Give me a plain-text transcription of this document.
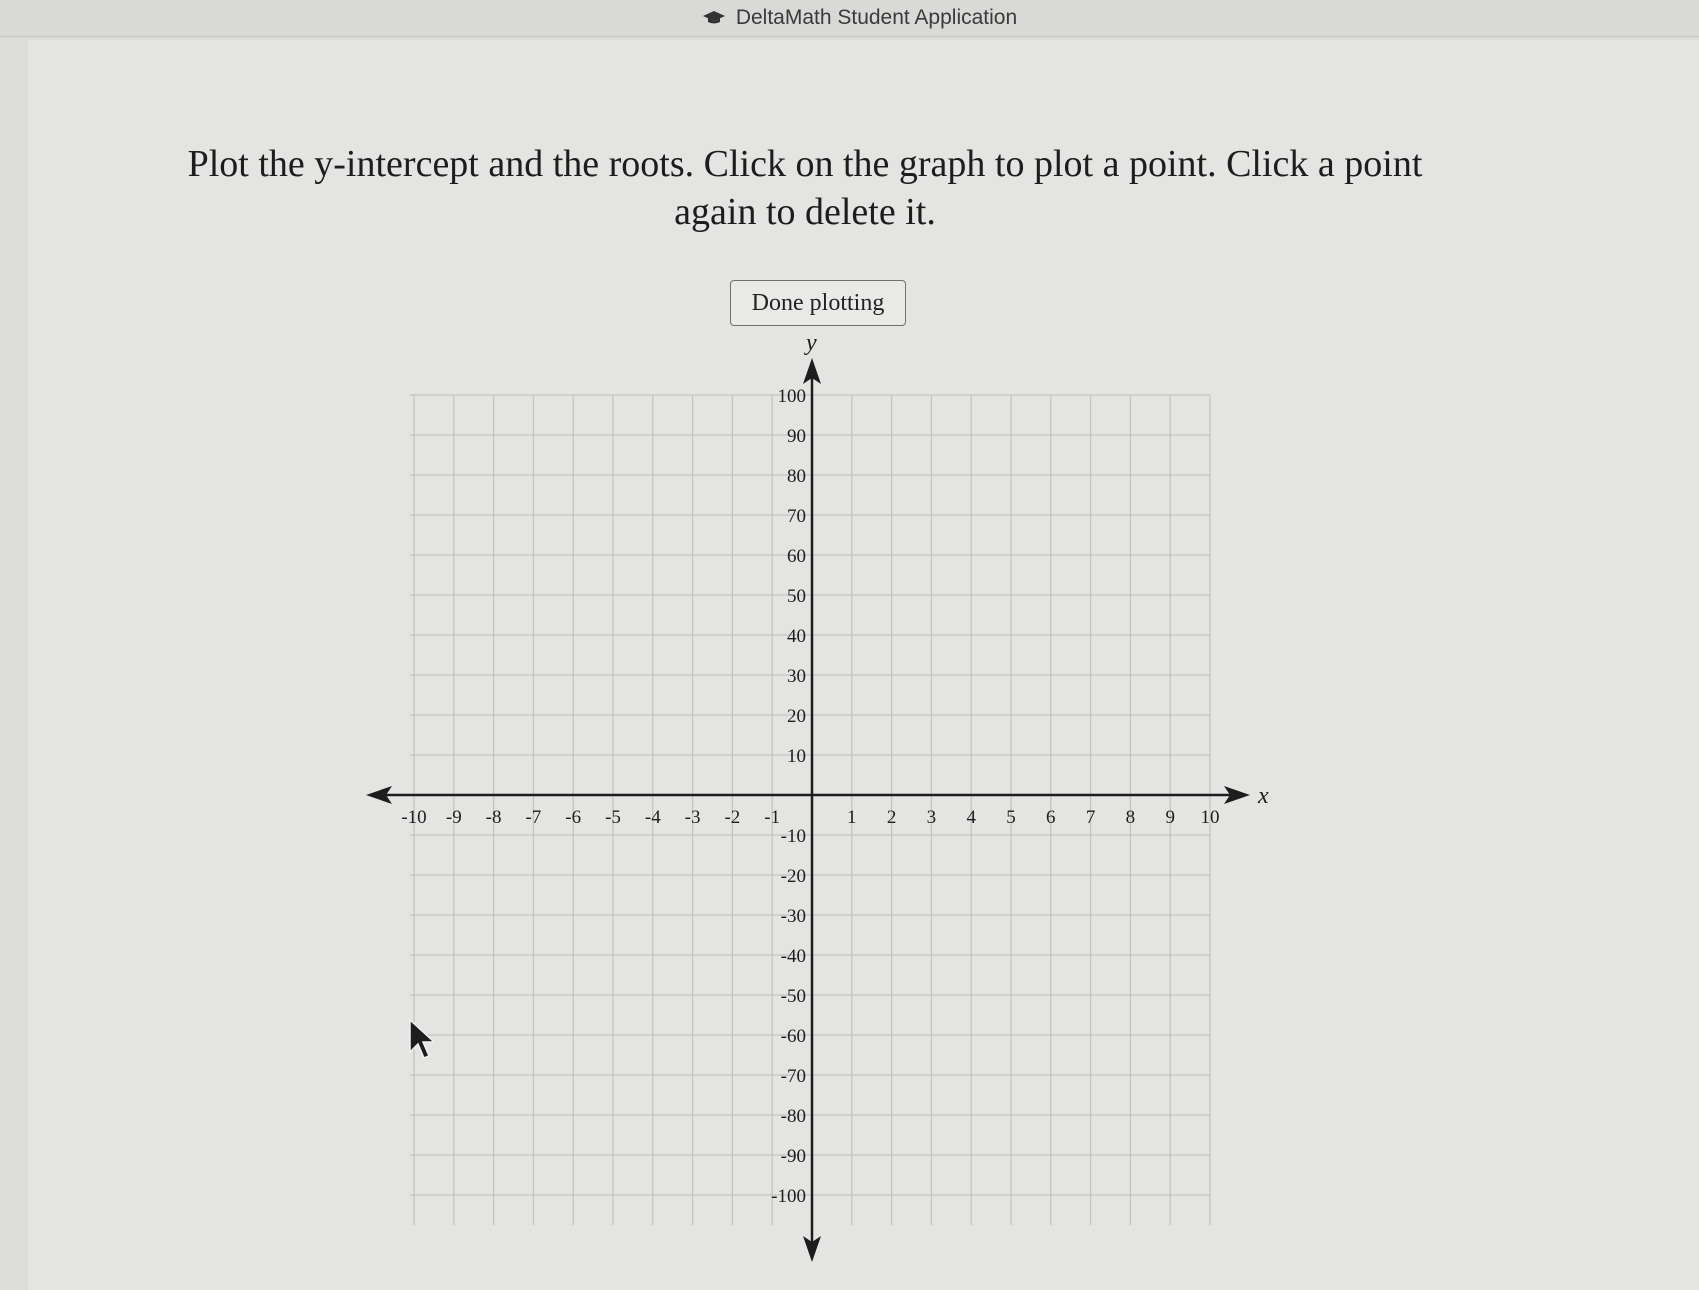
DeltaMath Student Application

Plot the y-intercept and the roots. Click on the graph to plot a point. Click a point again to delete it.

Done plotting
x
y
-10 -9 -8 -7 -6 -5 -4 -3 -2 -1	1 2 3 4 5 6 7 8 9 10
100
90
80
70
60
50
40
30
20
10
-10
-20
-30
-40
-50
-60
-70
-80
-90
-100
